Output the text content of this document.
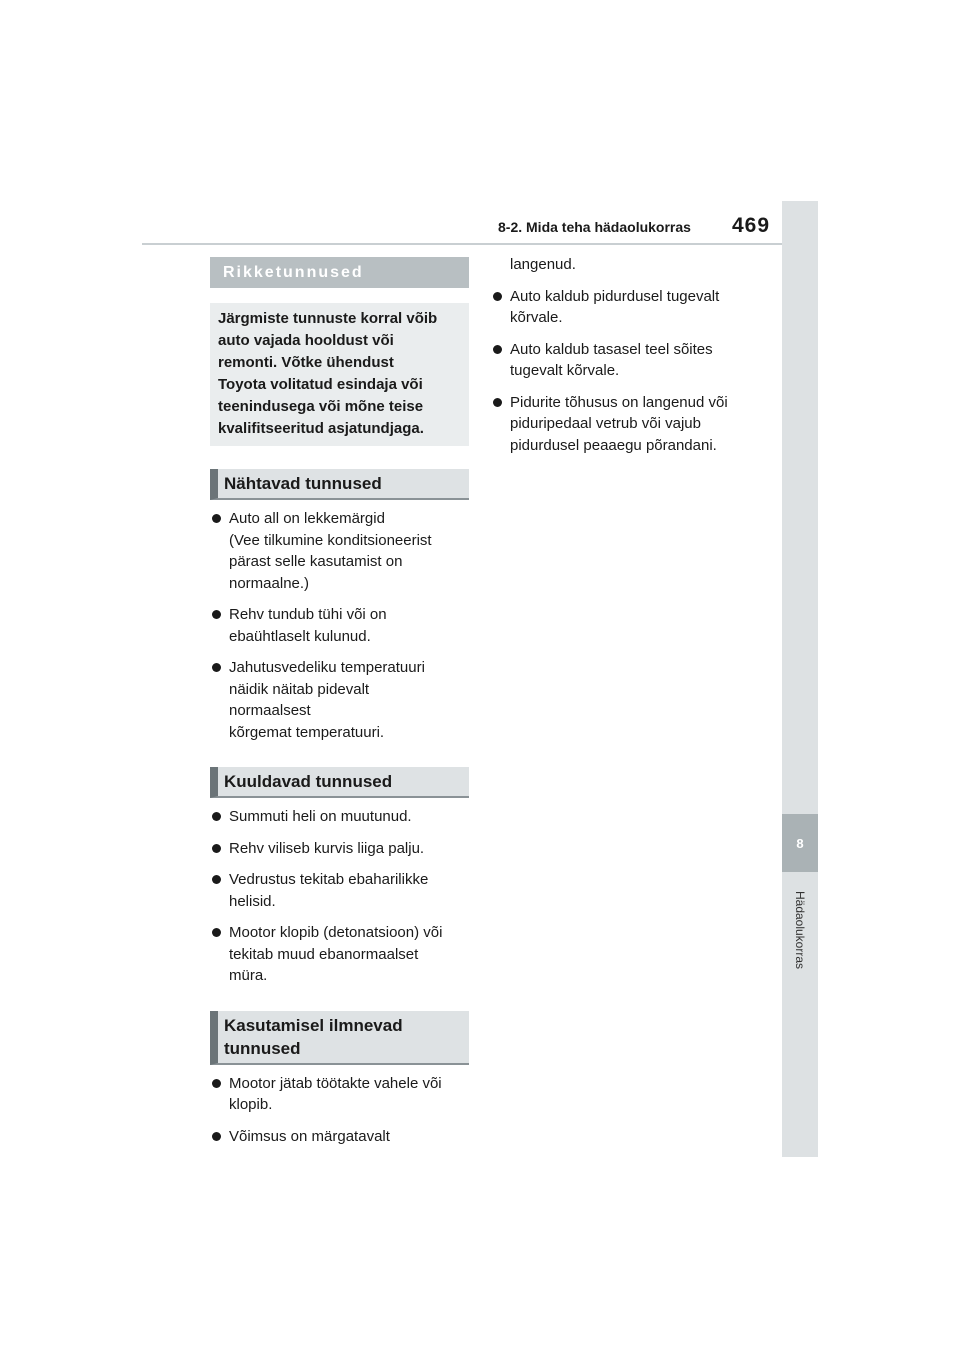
8-2. Mida teha hädaolukorras 469
8
Hädaolukorras
Rikketunnused
Järgmiste tunnuste korral võib
auto vajada hooldust või
remonti. Võtke ühendust
Toyota volitatud esindaja või
teenindusega või mõne teise
kvalifitseeritud asjatundjaga.
Nähtavad tunnused
Auto all on lekkemärgid
(Vee tilkumine konditsioneerist
pärast selle kasutamist on
normaalne.)
Rehv tundub tühi või on
ebaühtlaselt kulunud.
Jahutusvedeliku temperatuuri
näidik näitab pidevalt
normaalsest
kõrgemat temperatuuri.
Kuuldavad tunnused
Summuti heli on muutunud.
Rehv viliseb kurvis liiga palju.
Vedrustus tekitab ebaharilikke
helisid.
Mootor klopib (detonatsioon) või
tekitab muud ebanormaalset
müra.
Kasutamisel ilmnevad
tunnused
Mootor jätab töötakte vahele või
klopib.
Võimsus on märgatavalt
langenud.
Auto kaldub pidurdusel tugevalt
kõrvale.
Auto kaldub tasasel teel sõites
tugevalt kõrvale.
Pidurite tõhusus on langenud või
piduripedaal vetrub või vajub
pidurdusel peaaegu põrandani.
